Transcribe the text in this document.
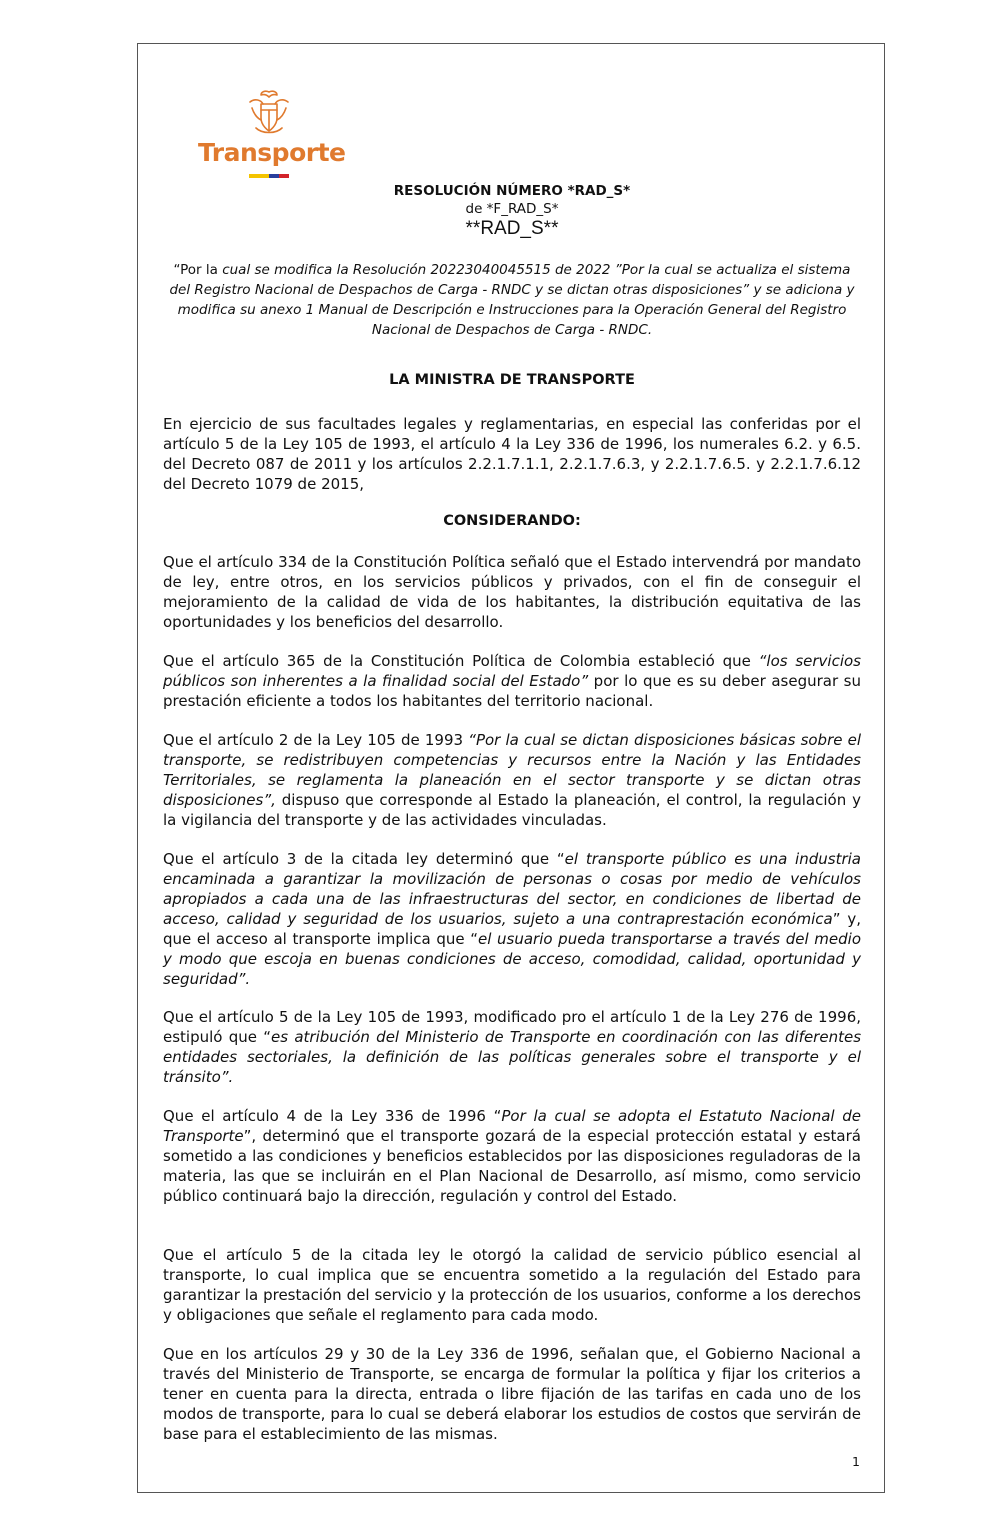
Transporte
RESOLUCIÓN NÚMERO *RAD_S*
de *F_RAD_S*
**RAD_S**
“Por la cual se modifica la Resolución 20223040045515 de 2022 ”Por la cual se actualiza el sistema del Registro Nacional de Despachos de Carga - RNDC y se dictan otras disposiciones” y se adiciona y modifica su anexo 1 Manual de Descripción e Instrucciones para la Operación General del Registro Nacional de Despachos de Carga - RNDC.
LA MINISTRA DE TRANSPORTE
En ejercicio de sus facultades legales y reglamentarias, en especial las conferidas por el artículo 5 de la Ley 105 de 1993, el artículo 4 la Ley 336 de 1996, los numerales 6.2. y 6.5. del Decreto 087 de 2011 y los artículos 2.2.1.7.1.1, 2.2.1.7.6.3, y 2.2.1.7.6.5. y 2.2.1.7.6.12 del Decreto 1079 de 2015,
CONSIDERANDO:
Que el artículo 334 de la Constitución Política señaló que el Estado intervendrá por mandato de ley, entre otros, en los servicios públicos y privados, con el fin de conseguir el mejoramiento de la calidad de vida de los habitantes, la distribución equitativa de las oportunidades y los beneficios del desarrollo.
Que el artículo 365 de la Constitución Política de Colombia estableció que “los servicios públicos son inherentes a la finalidad social del Estado” por lo que es su deber asegurar su prestación eficiente a todos los habitantes del territorio nacional.
Que el artículo 2 de la Ley 105 de 1993 “Por la cual se dictan disposiciones básicas sobre el transporte, se redistribuyen competencias y recursos entre la Nación y las Entidades Territoriales, se reglamenta la planeación en el sector transporte y se dictan otras disposiciones”, dispuso que corresponde al Estado la planeación, el control, la regulación y la vigilancia del transporte y de las actividades vinculadas.
Que el artículo 3 de la citada ley determinó que “el transporte público es una industria encaminada a garantizar la movilización de personas o cosas por medio de vehículos apropiados a cada una de las infraestructuras del sector, en condiciones de libertad de acceso, calidad y seguridad de los usuarios, sujeto a una contraprestación económica” y, que el acceso al transporte implica que “el usuario pueda transportarse a través del medio y modo que escoja en buenas condiciones de acceso, comodidad, calidad, oportunidad y seguridad”.
Que el artículo 5 de la Ley 105 de 1993, modificado pro el artículo 1 de la Ley 276 de 1996, estipuló que “es atribución del Ministerio de Transporte en coordinación con las diferentes entidades sectoriales, la definición de las políticas generales sobre el transporte y el tránsito”.
Que el artículo 4 de la Ley 336 de 1996 “Por la cual se adopta el Estatuto Nacional de Transporte”, determinó que el transporte gozará de la especial protección estatal y estará sometido a las condiciones y beneficios establecidos por las disposiciones reguladoras de la materia, las que se incluirán en el Plan Nacional de Desarrollo, así mismo, como servicio público continuará bajo la dirección, regulación y control del Estado.
Que el artículo 5 de la citada ley le otorgó la calidad de servicio público esencial al transporte, lo cual implica que se encuentra sometido a la regulación del Estado para garantizar la prestación del servicio y la protección de los usuarios, conforme a los derechos y obligaciones que señale el reglamento para cada modo.
Que en los artículos 29 y 30 de la Ley 336 de 1996, señalan que, el Gobierno Nacional a través del Ministerio de Transporte, se encarga de formular la política y fijar los criterios a tener en cuenta para la directa, entrada o libre fijación de las tarifas en cada uno de los modos de transporte, para lo cual se deberá elaborar los estudios de costos que servirán de base para el establecimiento de las mismas.
1
